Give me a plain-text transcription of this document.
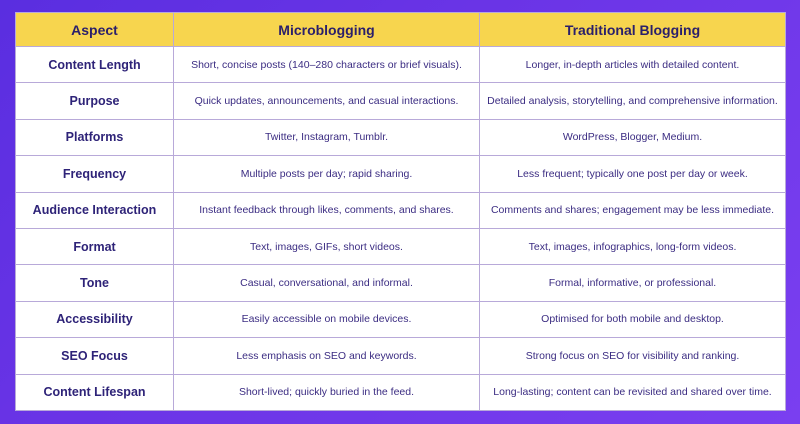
Aspect	Microblogging	Traditional Blogging
Content Length	Short, concise posts (140–280 characters or brief visuals).	Longer, in-depth articles with detailed content.
Purpose	Quick updates, announcements, and casual interactions.	Detailed analysis, storytelling, and comprehensive information.
Platforms	Twitter, Instagram, Tumblr.	WordPress, Blogger, Medium.
Frequency	Multiple posts per day; rapid sharing.	Less frequent; typically one post per day or week.
Audience Interaction	Instant feedback through likes, comments, and shares.	Comments and shares; engagement may be less immediate.
Format	Text, images, GIFs, short videos.	Text, images, infographics, long-form videos.
Tone	Casual, conversational, and informal.	Formal, informative, or professional.
Accessibility	Easily accessible on mobile devices.	Optimised for both mobile and desktop.
SEO Focus	Less emphasis on SEO and keywords.	Strong focus on SEO for visibility and ranking.
Content Lifespan	Short-lived; quickly buried in the feed.	Long-lasting; content can be revisited and shared over time.
